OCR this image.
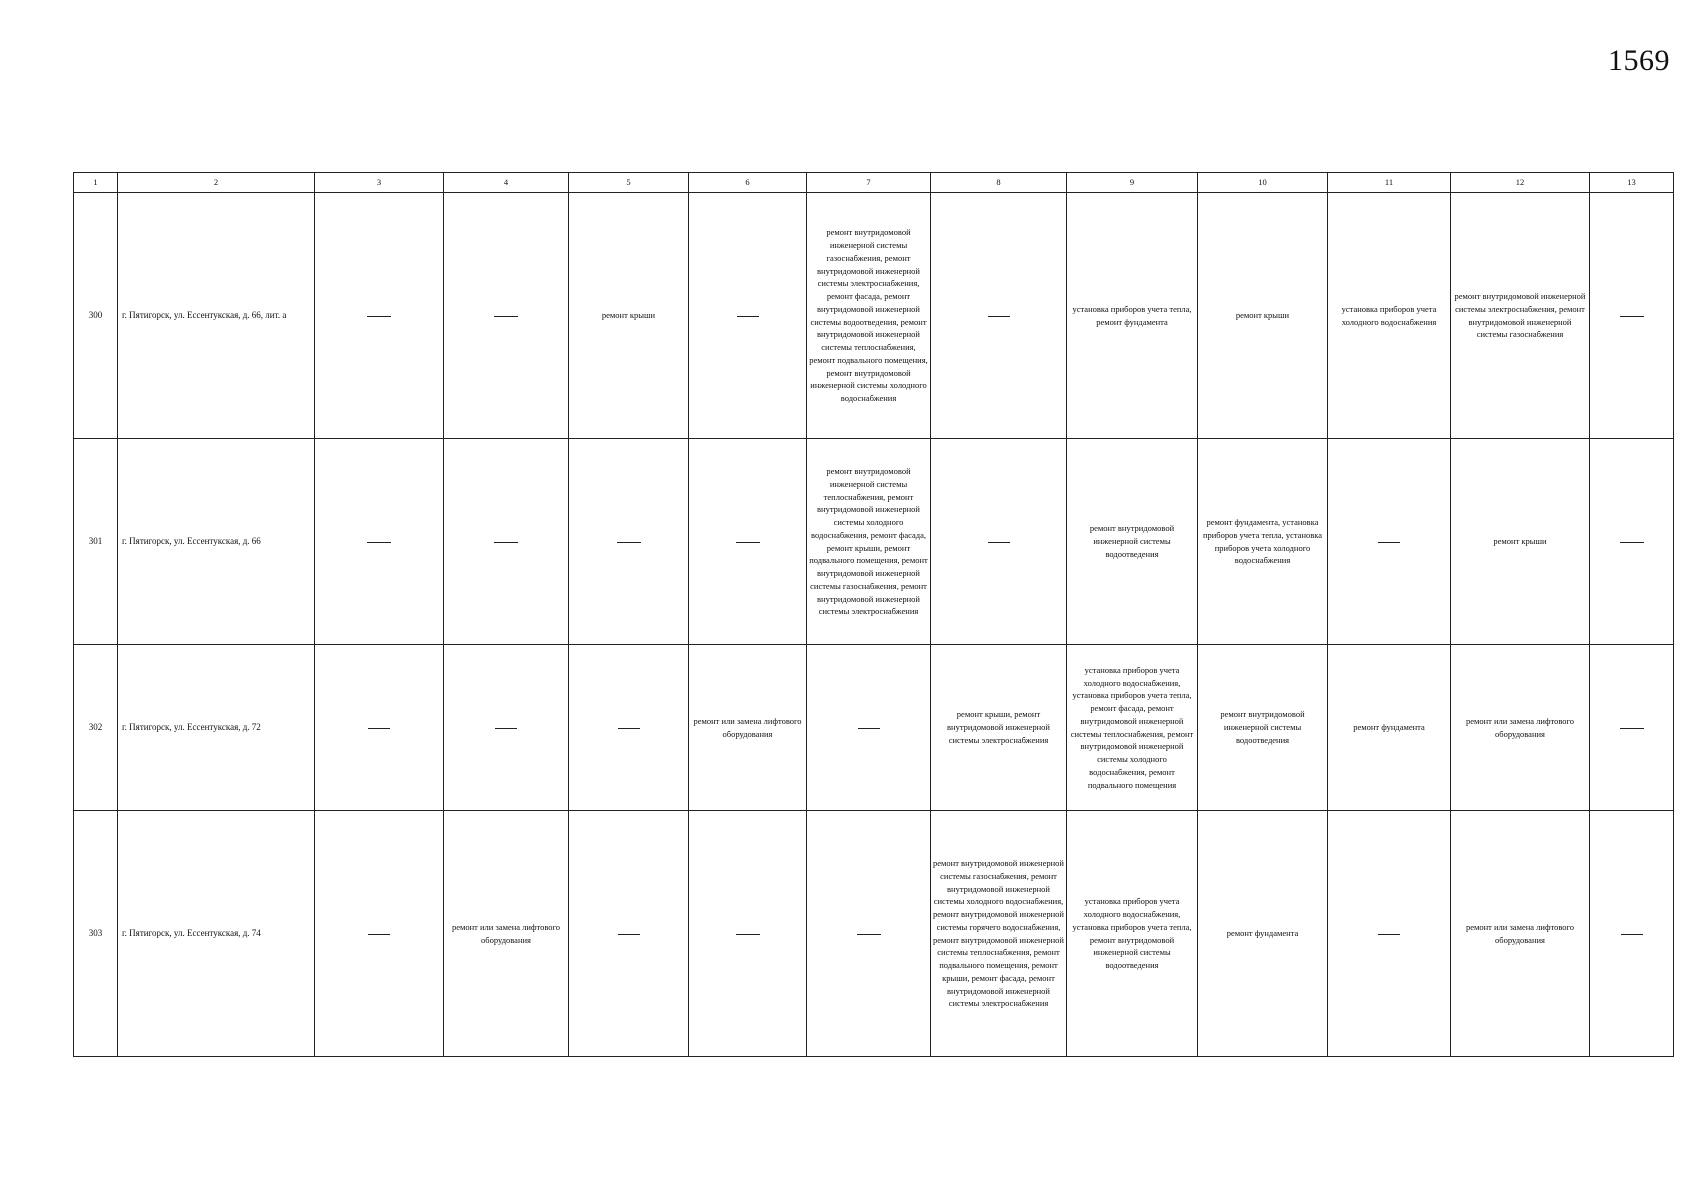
1569
1	2	3	4	5	6	7	8	9	10	11	12	13
300	г. Пятигорск, ул. Ессентукская, д. 66, лит. а			ремонт крыши		ремонт внутридомовой инженерной системы газоснабжения, ремонт внутридомовой инженерной системы электроснабжения, ремонт фасада, ремонт внутридомовой инженерной системы водоотведения, ремонт внутридомовой инженерной системы теплоснабжения, ремонт подвального помещения, ремонт внутридомовой инженерной системы холодного водоснабжения		установка приборов учета тепла, ремонт фундамента	ремонт крыши	установка приборов учета холодного водоснабжения	ремонт внутридомовой инженерной системы электроснабжения, ремонт внутридомовой инженерной системы газоснабжения	
301	г. Пятигорск, ул. Ессентукская, д. 66					ремонт внутридомовой инженерной системы теплоснабжения, ремонт внутридомовой инженерной системы холодного водоснабжения, ремонт фасада, ремонт крыши, ремонт подвального помещения, ремонт внутридомовой инженерной системы газоснабжения, ремонт внутридомовой инженерной системы электроснабжения		ремонт внутридомовой инженерной системы водоотведения	ремонт фундамента, установка приборов учета тепла, установка приборов учета холодного водоснабжения		ремонт крыши	
302	г. Пятигорск, ул. Ессентукская, д. 72				ремонт или замена лифтового оборудования		ремонт крыши, ремонт внутридомовой инженерной системы электроснабжения	установка приборов учета холодного водоснабжения, установка приборов учета тепла, ремонт фасада, ремонт внутридомовой инженерной системы теплоснабжения, ремонт внутридомовой инженерной системы холодного водоснабжения, ремонт подвального помещения	ремонт внутридомовой инженерной системы водоотведения	ремонт фундамента	ремонт или замена лифтового оборудования	
303	г. Пятигорск, ул. Ессентукская, д. 74		ремонт или замена лифтового оборудования				ремонт внутридомовой инженерной системы газоснабжения, ремонт внутридомовой инженерной системы холодного водоснабжения, ремонт внутридомовой инженерной системы горячего водоснабжения, ремонт внутридомовой инженерной системы теплоснабжения, ремонт подвального помещения, ремонт крыши, ремонт фасада, ремонт внутридомовой инженерной системы электроснабжения	установка приборов учета холодного водоснабжения, установка приборов учета тепла, ремонт внутридомовой инженерной системы водоотведения	ремонт фундамента		ремонт или замена лифтового оборудования	
